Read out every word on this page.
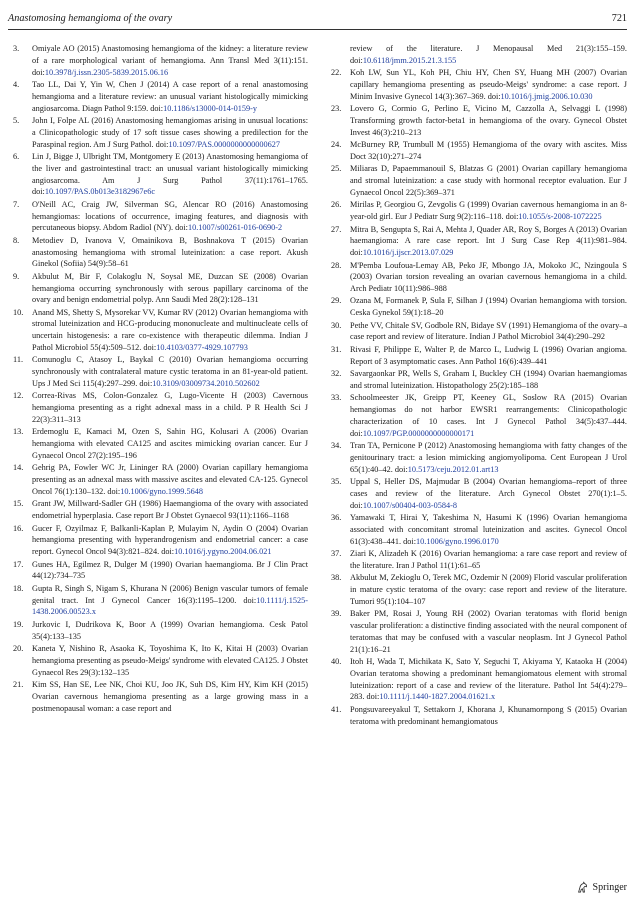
Anastomosing hemangioma of the ovary	721
3.	Omiyale AO (2015) Anastomosing hemangioma of the kidney: a literature review of a rare morphological variant of hemangioma. Ann Transl Med 3(11):151. doi:10.3978/j.issn.2305-5839.2015.06.16
4.	Tao LL, Dai Y, Yin W, Chen J (2014) A case report of a renal anastomosing hemangioma and a literature review: an unusual variant histologically mimicking angiosarcoma. Diagn Pathol 9:159. doi:10.1186/s13000-014-0159-y
5.	John I, Folpe AL (2016) Anastomosing hemangiomas arising in unusual locations: a Clinicopathologic study of 17 soft tissue cases showing a predilection for the Paraspinal region. Am J Surg Pathol. doi:10.1097/PAS.0000000000000627
6.	Lin J, Bigge J, Ulbright TM, Montgomery E (2013) Anastomosing hemangioma of the liver and gastrointestinal tract: an unusual variant histologically mimicking angiosarcoma. Am J Surg Pathol 37(11):1761–1765. doi:10.1097/PAS.0b013e3182967e6c
7.	O'Neill AC, Craig JW, Silverman SG, Alencar RO (2016) Anastomosing hemangiomas: locations of occurrence, imaging features, and diagnosis with percutaneous biopsy. Abdom Radiol (NY). doi:10.1007/s00261-016-0690-2
8.	Metodiev D, Ivanova V, Omainikova B, Boshnakova T (2015) Ovarian anastomosing hemangioma with stromal luteinization: a case report. Akush Ginekol (Sofiia) 54(9):58–61
9.	Akbulut M, Bir F, Colakoglu N, Soysal ME, Duzcan SE (2008) Ovarian hemangioma occurring synchronously with serous papillary carcinoma of the ovary and benign endometrial polyp. Ann Saudi Med 28(2):128–131
10.	Anand MS, Shetty S, Mysorekar VV, Kumar RV (2012) Ovarian hemangioma with stromal luteinization and HCG-producing mononucleate and multinucleate cells of uncertain histogenesis: a rare co-existence with therapeutic dilemma. Indian J Pathol Microbiol 55(4):509–512. doi:10.4103/0377-4929.107793
11.	Comunoglu C, Atasoy L, Baykal C (2010) Ovarian hemangioma occurring synchronously with contralateral mature cystic teratoma in an 81-year-old patient. Ups J Med Sci 115(4):297–299. doi:10.3109/03009734.2010.502602
12.	Correa-Rivas MS, Colon-Gonzalez G, Lugo-Vicente H (2003) Cavernous hemangioma presenting as a right adnexal mass in a child. P R Health Sci J 22(3):311–313
13.	Erdemoglu E, Kamaci M, Ozen S, Sahin HG, Kolusari A (2006) Ovarian hemangioma with elevated CA125 and ascites mimicking ovarian cancer. Eur J Gynaecol Oncol 27(2):195–196
14.	Gehrig PA, Fowler WC Jr, Lininger RA (2000) Ovarian capillary hemangioma presenting as an adnexal mass with massive ascites and elevated CA-125. Gynecol Oncol 76(1):130–132. doi:10.1006/gyno.1999.5648
15.	Grant JW, Millward-Sadler GH (1986) Haemangioma of the ovary with associated endometrial hyperplasia. Case report Br J Obstet Gynaecol 93(11):1166–1168
16.	Gucer F, Ozyilmaz F, Balkanli-Kaplan P, Mulayim N, Aydin O (2004) Ovarian hemangioma presenting with hyperandrogenism and endometrial cancer: a case report. Gynecol Oncol 94(3):821–824. doi:10.1016/j.ygyno.2004.06.021
17.	Gunes HA, Egilmez R, Dulger M (1990) Ovarian haemangioma. Br J Clin Pract 44(12):734–735
18.	Gupta R, Singh S, Nigam S, Khurana N (2006) Benign vascular tumors of female genital tract. Int J Gynecol Cancer 16(3):1195–1200. doi:10.1111/j.1525-1438.2006.00523.x
19.	Jurkovic I, Dudrikova K, Boor A (1999) Ovarian hemangioma. Cesk Patol 35(4):133–135
20.	Kaneta Y, Nishino R, Asaoka K, Toyoshima K, Ito K, Kitai H (2003) Ovarian hemangioma presenting as pseudo-Meigs' syndrome with elevated CA125. J Obstet Gynaecol Res 29(3):132–135
21.	Kim SS, Han SE, Lee NK, Choi KU, Joo JK, Suh DS, Kim HY, Kim KH (2015) Ovarian cavernous hemangioma presenting as a large growing mass in a postmenopausal woman: a case report and
review of the literature. J Menopausal Med 21(3):155–159. doi:10.6118/jmm.2015.21.3.155
22.	Koh LW, Sun YL, Koh PH, Chiu HY, Chen SY, Huang MH (2007) Ovarian capillary hemangioma presenting as pseudo-Meigs' syndrome: a case report. J Minim Invasive Gynecol 14(3):367–369. doi:10.1016/j.jmig.2006.10.030
23.	Lovero G, Cormio G, Perlino E, Vicino M, Cazzolla A, Selvaggi L (1998) Transforming growth factor-beta1 in hemangioma of the ovary. Gynecol Obstet Invest 46(3):210–213
24.	McBurney RP, Trumbull M (1955) Hemangioma of the ovary with ascites. Miss Doct 32(10):271–274
25.	Miliaras D, Papaemmanouil S, Blatzas G (2001) Ovarian capillary hemangioma and stromal luteinization: a case study with hormonal receptor evaluation. Eur J Gynaecol Oncol 22(5):369–371
26.	Mirilas P, Georgiou G, Zevgolis G (1999) Ovarian cavernous hemangioma in an 8-year-old girl. Eur J Pediatr Surg 9(2):116–118. doi:10.1055/s-2008-1072225
27.	Mitra B, Sengupta S, Rai A, Mehta J, Quader AR, Roy S, Borges A (2013) Ovarian haemangioma: A rare case report. Int J Surg Case Rep 4(11):981–984. doi:10.1016/j.ijscr.2013.07.029
28.	M'Pemba Loufoua-Lemay AB, Peko JF, Mbongo JA, Mokoko JC, Nzingoula S (2003) Ovarian torsion revealing an ovarian cavernous hemangioma in a child. Arch Pediatr 10(11):986–988
29.	Ozana M, Formanek P, Sula F, Silhan J (1994) Ovarian hemangioma with torsion. Ceska Gynekol 59(1):18–20
30.	Pethe VV, Chitale SV, Godbole RN, Bidaye SV (1991) Hemangioma of the ovary–a case report and review of literature. Indian J Pathol Microbiol 34(4):290–292
31.	Rivasi F, Philippe E, Walter P, de Marco L, Ludwig L (1996) Ovarian angioma. Report of 3 asymptomatic cases. Ann Pathol 16(6):439–441
32.	Savargaonkar PR, Wells S, Graham I, Buckley CH (1994) Ovarian haemangiomas and stromal luteinization. Histopathology 25(2):185–188
33.	Schoolmeester JK, Greipp PT, Keeney GL, Soslow RA (2015) Ovarian hemangiomas do not harbor EWSR1 rearrangements: Clinicopathologic characterization of 10 cases. Int J Gynecol Pathol 34(5):437–444. doi:10.1097/PGP.0000000000000171
34.	Tran TA, Pernicone P (2012) Anastomosing hemangioma with fatty changes of the genitourinary tract: a lesion mimicking angiomyolipoma. Cent European J Urol 65(1):40–42. doi:10.5173/ceju.2012.01.art13
35.	Uppal S, Heller DS, Majmudar B (2004) Ovarian hemangioma–report of three cases and review of the literature. Arch Gynecol Obstet 270(1):1–5. doi:10.1007/s00404-003-0584-8
36.	Yamawaki T, Hirai Y, Takeshima N, Hasumi K (1996) Ovarian hemangioma associated with concomitant stromal luteinization and ascites. Gynecol Oncol 61(3):438–441. doi:10.1006/gyno.1996.0170
37.	Ziari K, Alizadeh K (2016) Ovarian hemangioma: a rare case report and review of the literature. Iran J Pathol 11(1):61–65
38.	Akbulut M, Zekioglu O, Terek MC, Ozdemir N (2009) Florid vascular proliferation in mature cystic teratoma of the ovary: case report and review of the literature. Tumori 95(1):104–107
39.	Baker PM, Rosai J, Young RH (2002) Ovarian teratomas with florid benign vascular proliferation: a distinctive finding associated with the neural component of teratomas that may be confused with a vascular neoplasm. Int J Gynecol Pathol 21(1):16–21
40.	Itoh H, Wada T, Michikata K, Sato Y, Seguchi T, Akiyama Y, Kataoka H (2004) Ovarian teratoma showing a predominant hemangiomatous element with stromal luteinization: report of a case and review of the literature. Pathol Int 54(4):279–283. doi:10.1111/j.1440-1827.2004.01621.x
41.	Pongsuvareeyakul T, Settakorn J, Khorana J, Khunamornpong S (2015) Ovarian teratoma with predominant hemangiomatous
Springer
